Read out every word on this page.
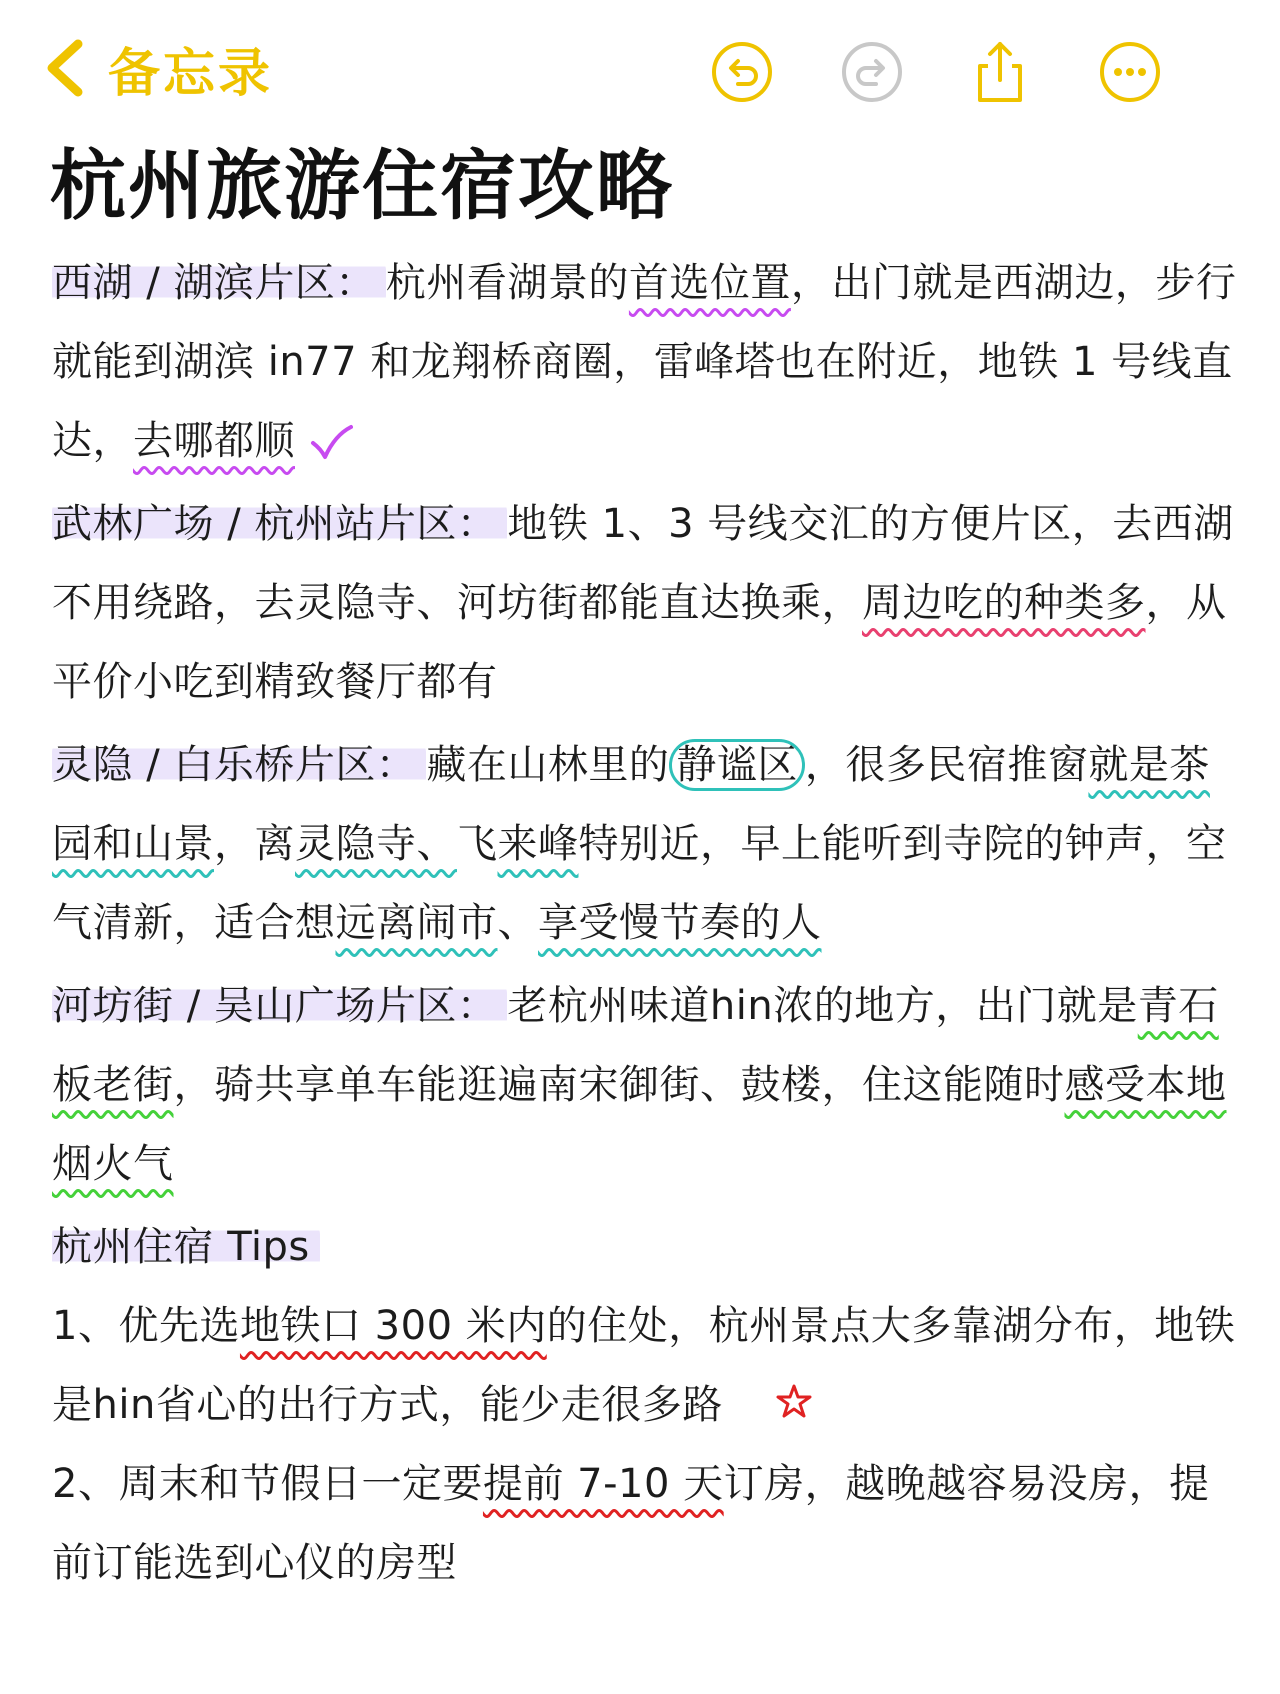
备忘录
杭州旅游住宿攻略

西湖 / 湖滨片区： 杭州看湖景的首选位置，出门就是西湖边，步行就能到湖滨 in77 和龙翔桥商圈，雷峰塔也在附近，地铁 1 号线直达，去哪都顺

武林广场 / 杭州站片区： 地铁 1、3 号线交汇的方便片区，去西湖不用绕路，去灵隐寺、河坊街都能直达换乘，周边吃的种类多，从平价小吃到精致餐厅都有

灵隐 / 白乐桥片区： 藏在山林里的 静谧区 ，很多民宿推窗就是茶园和山景，离灵隐寺、飞来峰特别近，早上能听到寺院的钟声，空气清新，适合想远离闹市、享受慢节奏的人

河坊街 / 吴山广场片区： 老杭州味道hin浓的地方，出门就是青石板老街，骑共享单车能逛遍南宋御街、鼓楼，住这能随时感受本地烟火气

杭州住宿 Tips

1、优先选地铁口 300 米内的住处，杭州景点大多靠湖分布，地铁是hin省心的出行方式，能少走很多路

2、周末和节假日一定要提前 7-10 天订房，越晚越容易没房，提前订能选到心仪的房型
